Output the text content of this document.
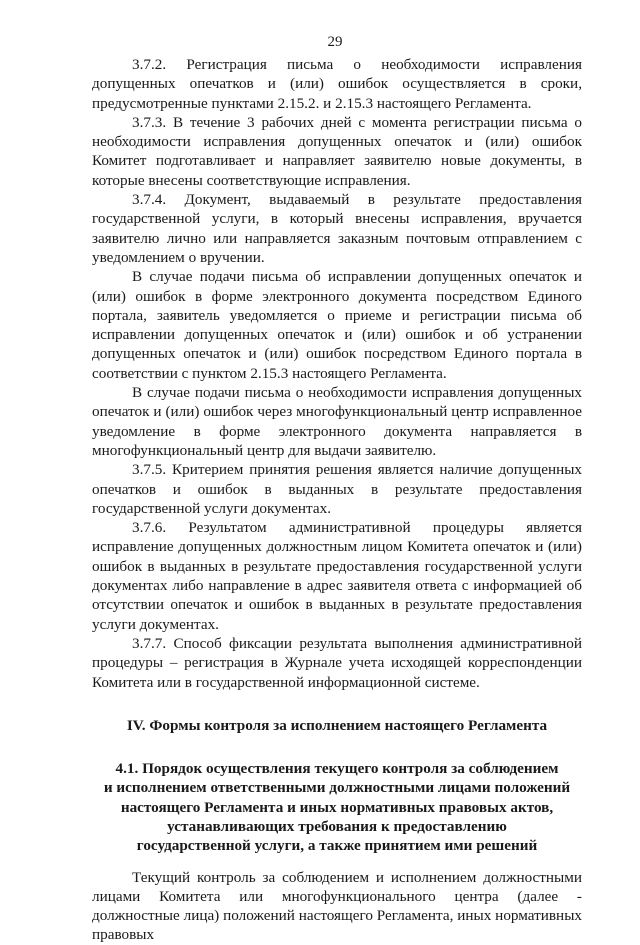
29

3.7.2. Регистрация письма о необходимости исправления допущенных опечатков и (или) ошибок осуществляется в сроки, предусмотренные пунктами 2.15.2. и 2.15.3 настоящего Регламента.

3.7.3. В течение 3 рабочих дней с момента регистрации письма о необходимости исправления допущенных опечаток и (или) ошибок Комитет подготавливает и направляет заявителю новые документы, в которые внесены соответствующие исправления.

3.7.4. Документ, выдаваемый в результате предоставления государственной услуги, в который внесены исправления, вручается заявителю лично или направляется заказным почтовым отправлением с уведомлением о вручении.

В случае подачи письма об исправлении допущенных опечаток и (или) ошибок в форме электронного документа посредством Единого портала, заявитель уведомляется о приеме и регистрации письма об исправлении допущенных опечаток и (или) ошибок и об устранении допущенных опечаток и (или) ошибок посредством Единого портала в соответствии с пунктом 2.15.3 настоящего Регламента.

В случае подачи письма о необходимости исправления допущенных опечаток и (или) ошибок через многофункциональный центр исправленное уведомление в форме электронного документа направляется в многофункциональный центр для выдачи заявителю.

3.7.5. Критерием принятия решения является наличие допущенных опечатков и ошибок в выданных в результате предоставления государственной услуги документах.

3.7.6. Результатом административной процедуры является исправление допущенных должностным лицом Комитета опечаток и (или) ошибок в выданных в результате предоставления государственной услуги документах либо направление в адрес заявителя ответа с информацией об отсутствии опечаток и ошибок в выданных в результате предоставления услуги документах.

3.7.7. Способ фиксации результата выполнения административной процедуры – регистрация в Журнале учета исходящей корреспонденции Комитета или в государственной информационной системе.

IV. Формы контроля за исполнением настоящего Регламента
4.1. Порядок осуществления текущего контроля за соблюдением
и исполнением ответственными должностными лицами положений
настоящего Регламента и иных нормативных правовых актов,
устанавливающих требования к предоставлению
государственной услуги, а также принятием ими решений

Текущий контроль за соблюдением и исполнением должностными лицами Комитета или многофункционального центра (далее - должностные лица) положений настоящего Регламента, иных нормативных правовых
